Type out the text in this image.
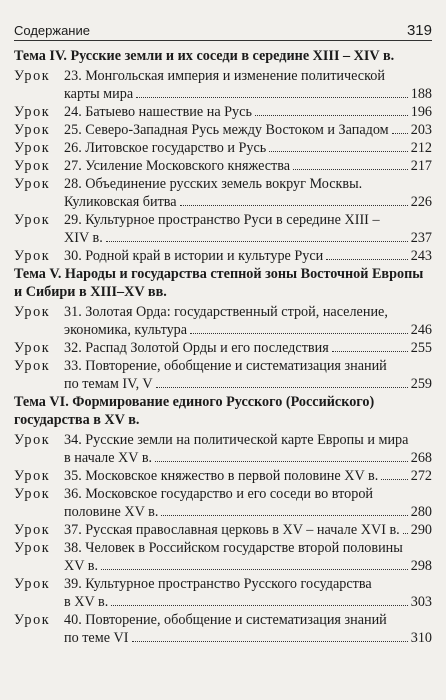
Содержание	319
Тема IV. Русские земли и их соседи в середине XIII – XIV в.
Урок 23. Монгольская империя и изменение политической
карты мира	188
Урок 24. Батыево нашествие на Русь	196
Урок 25. Северо-Западная Русь между Востоком и Западом 203
Урок 26. Литовское государство и Русь	212
Урок 27. Усиление Московского княжества	217
Урок 28. Объединение русских земель вокруг Москвы.
Куликовская битва	226
Урок 29. Культурное пространство Руси в середине XIII –
XIV в.	237
Урок 30. Родной край в истории и культуре Руси	243
Тема V. Народы и государства степной зоны Восточной Европы и Сибири в XIII–XV вв.
Урок 31. Золотая Орда: государственный строй, население,
экономика, культура	246
Урок 32. Распад Золотой Орды и его последствия	255
Урок 33. Повторение, обобщение и систематизация знаний
по темам IV, V	259
Тема VI. Формирование единого Русского (Российского) государства в XV в.
Урок 34. Русские земли на политической карте Европы и мира
в начале XV в.	268
Урок 35. Московское княжество в первой половине XV в. 272
Урок 36. Московское государство и его соседи во второй
половине XV в.	280
Урок 37. Русская православная церковь в XV – начале XVI в. 290
Урок 38. Человек в Российском государстве второй половины
XV в.	298
Урок 39. Культурное пространство Русского государства
в XV в.	303
Урок 40. Повторение, обобщение и систематизация знаний
по теме VI	310
